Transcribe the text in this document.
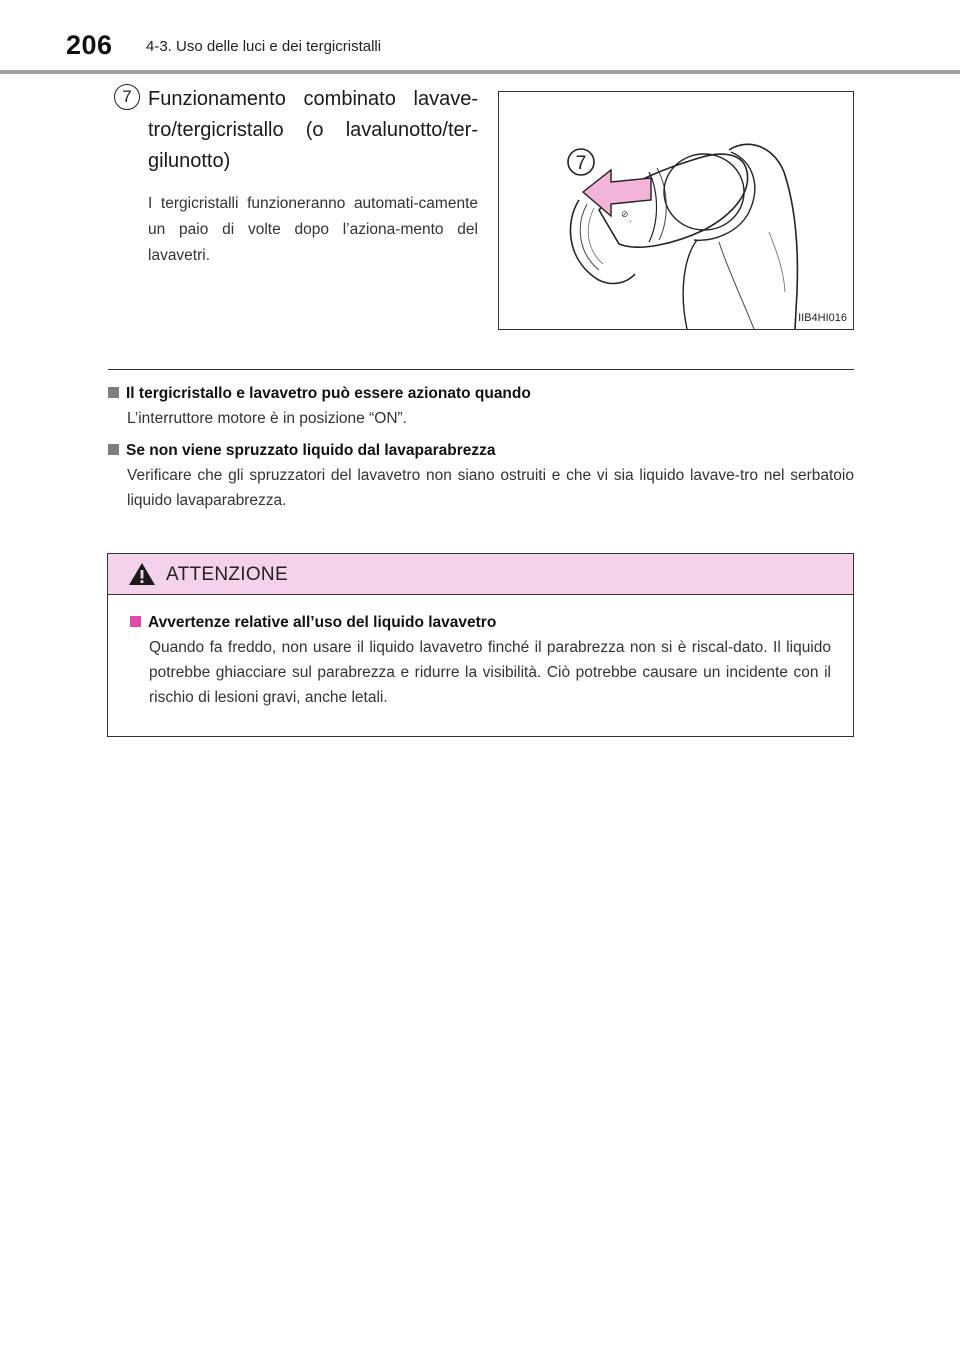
206 4-3. Uso delle luci e dei tergicristalli
7 Funzionamento combinato lavave-tro/tergicristallo (o lavalunotto/ter-gilunotto)
I tergicristalli funzioneranno automati-camente un paio di volte dopo l’aziona-mento del lavavetri.
⊘
◦
7
IIB4HI016
Il tergicristallo e lavavetro può essere azionato quando
L’interruttore motore è in posizione “ON”.
Se non viene spruzzato liquido dal lavaparabrezza
Verificare che gli spruzzatori del lavavetro non siano ostruiti e che vi sia liquido lavave-tro nel serbatoio liquido lavaparabrezza.
ATTENZIONE
Avvertenze relative all’uso del liquido lavavetro
Quando fa freddo, non usare il liquido lavavetro finché il parabrezza non si è riscal-dato. Il liquido potrebbe ghiacciare sul parabrezza e ridurre la visibilità. Ciò potrebbe causare un incidente con il rischio di lesioni gravi, anche letali.
